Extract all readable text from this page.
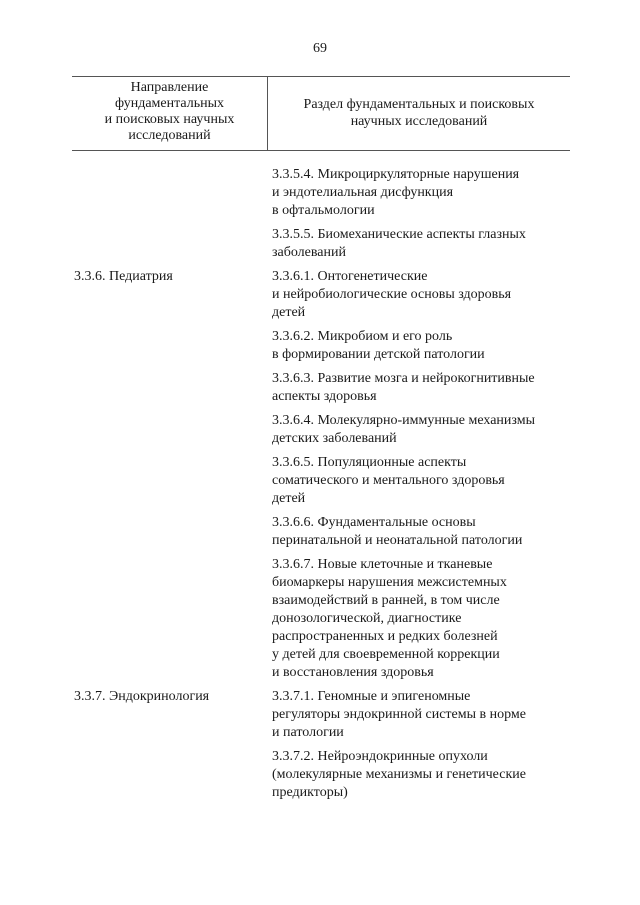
69
Направление
фундаментальных
и поисковых научных
исследований
Раздел фундаментальных и поисковых
научных исследований
3.3.5.4. Микроциркуляторные нарушения
и эндотелиальная дисфункция
в офтальмологии
3.3.5.5. Биомеханические аспекты глазных
заболеваний
3.3.6. Педиатрия	3.3.6.1. Онтогенетические
и нейробиологические основы здоровья
детей
3.3.6.2. Микробиом и его роль
в формировании детской патологии
3.3.6.3. Развитие мозга и нейрокогнитивные
аспекты здоровья
3.3.6.4. Молекулярно-иммунные механизмы
детских заболеваний
3.3.6.5. Популяционные аспекты
соматического и ментального здоровья
детей
3.3.6.6. Фундаментальные основы
перинатальной и неонатальной патологии
3.3.6.7. Новые клеточные и тканевые
биомаркеры нарушения межсистемных
взаимодействий в ранней, в том числе
донозологической, диагностике
распространенных и редких болезней
у детей для своевременной коррекции
и восстановления здоровья
3.3.7. Эндокринология	3.3.7.1. Геномные и эпигеномные
регуляторы эндокринной системы в норме
и патологии
3.3.7.2. Нейроэндокринные опухоли
(молекулярные механизмы и генетические
предикторы)
